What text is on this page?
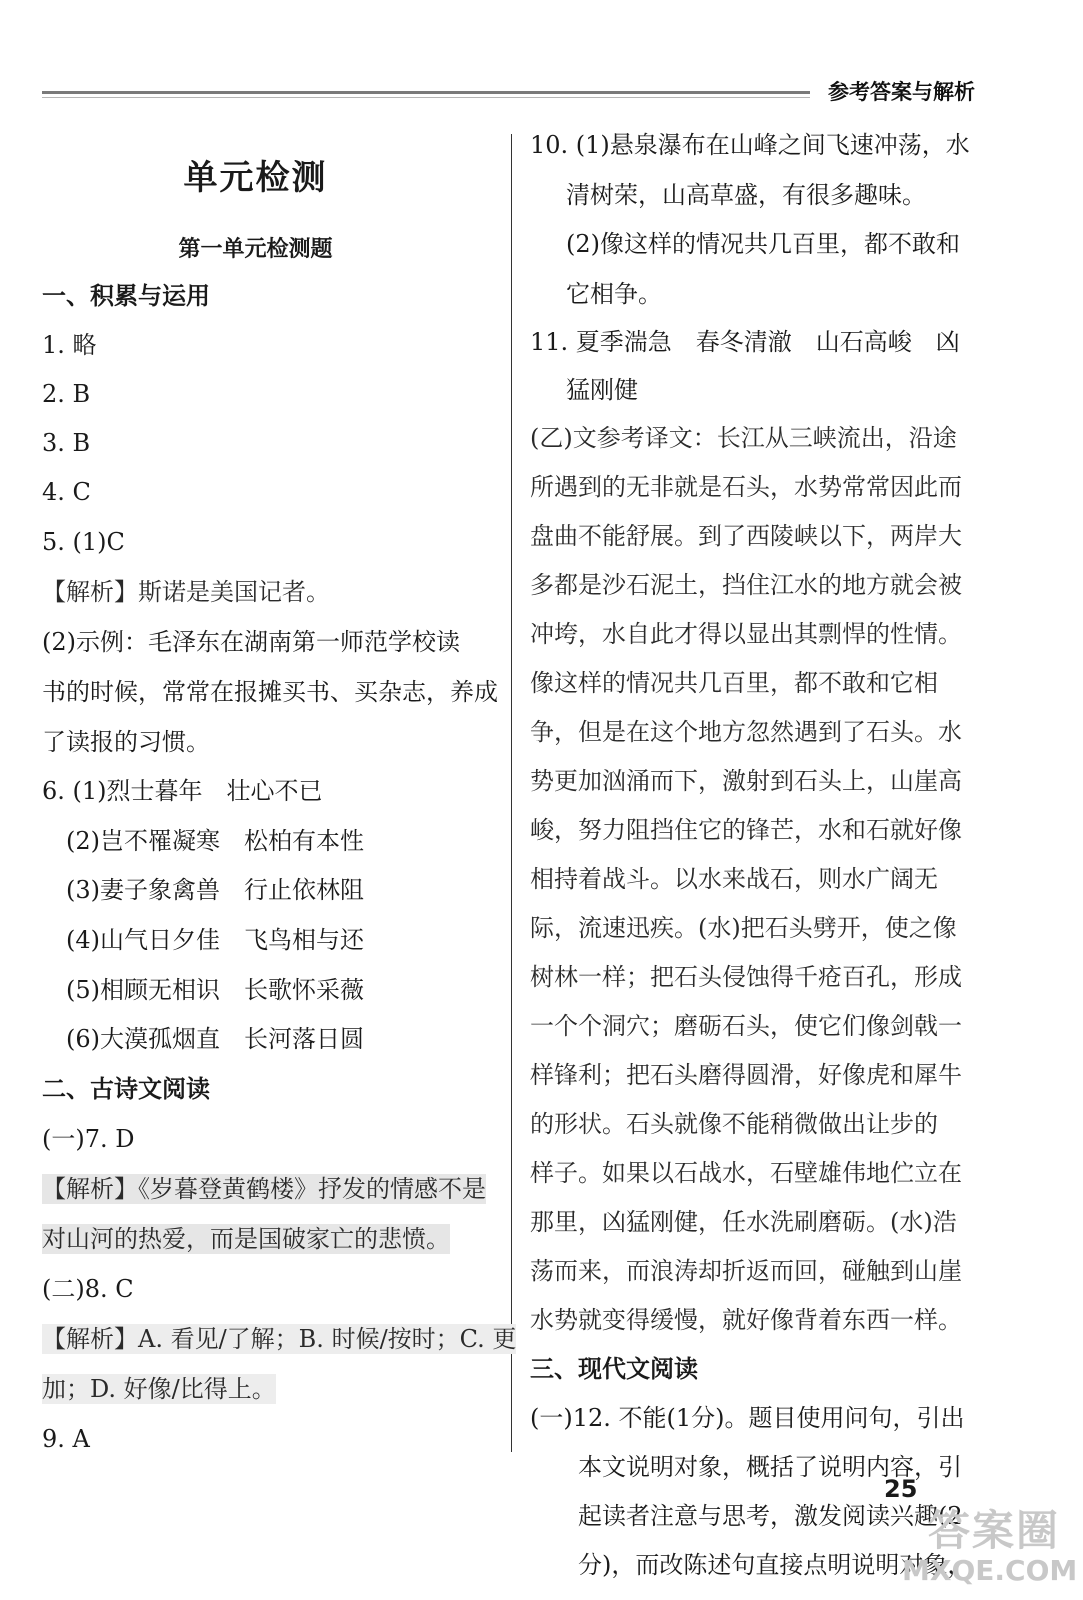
参考答案与解析
单元检测
第一单元检测题
一、积累与运用
1. 略
2. B
3. B
4. C
5. (1)C
【解析】斯诺是美国记者。
(2)示例：毛泽东在湖南第一师范学校读
书的时候，常常在报摊买书、买杂志，养成
了读报的习惯。
6. (1)烈士暮年　壮心不已
(2)岂不罹凝寒　松柏有本性
(3)妻子象禽兽　行止依林阻
(4)山气日夕佳　飞鸟相与还
(5)相顾无相识　长歌怀采薇
(6)大漠孤烟直　长河落日圆
二、古诗文阅读
(一)7. D
【解析】《岁暮登黄鹤楼》抒发的情感不是
对山河的热爱，而是国破家亡的悲愤。
(二)8. C
【解析】A. 看见/了解；B. 时候/按时；C. 更
加；D. 好像/比得上。
9. A
10. (1)悬泉瀑布在山峰之间飞速冲荡，水
清树荣，山高草盛，有很多趣味。
(2)像这样的情况共几百里，都不敢和
它相争。
11. 夏季湍急　春冬清澈　山石高峻　凶
猛刚健
(乙)文参考译文：长江从三峡流出，沿途
所遇到的无非就是石头，水势常常因此而
盘曲不能舒展。到了西陵峡以下，两岸大
多都是沙石泥土，挡住江水的地方就会被
冲垮，水自此才得以显出其剽悍的性情。
像这样的情况共几百里，都不敢和它相
争，但是在这个地方忽然遇到了石头。水
势更加汹涌而下，激射到石头上，山崖高
峻，努力阻挡住它的锋芒，水和石就好像
相持着战斗。以水来战石，则水广阔无
际，流速迅疾。(水)把石头劈开，使之像
树林一样；把石头侵蚀得千疮百孔，形成
一个个洞穴；磨砺石头，使它们像剑戟一
样锋利；把石头磨得圆滑，好像虎和犀牛
的形状。石头就像不能稍微做出让步的
样子。如果以石战水，石壁雄伟地伫立在
那里，凶猛刚健，任水洗刷磨砺。(水)浩
荡而来，而浪涛却折返而回，碰触到山崖
水势就变得缓慢，就好像背着东西一样。
三、现代文阅读
(一)12. 不能(1分)。题目使用问句，引出
本文说明对象，概括了说明内容，引
起读者注意与思考，激发阅读兴趣(2
分)，而改陈述句直接点明说明对象，
25
答案圈
MXQE.COM
